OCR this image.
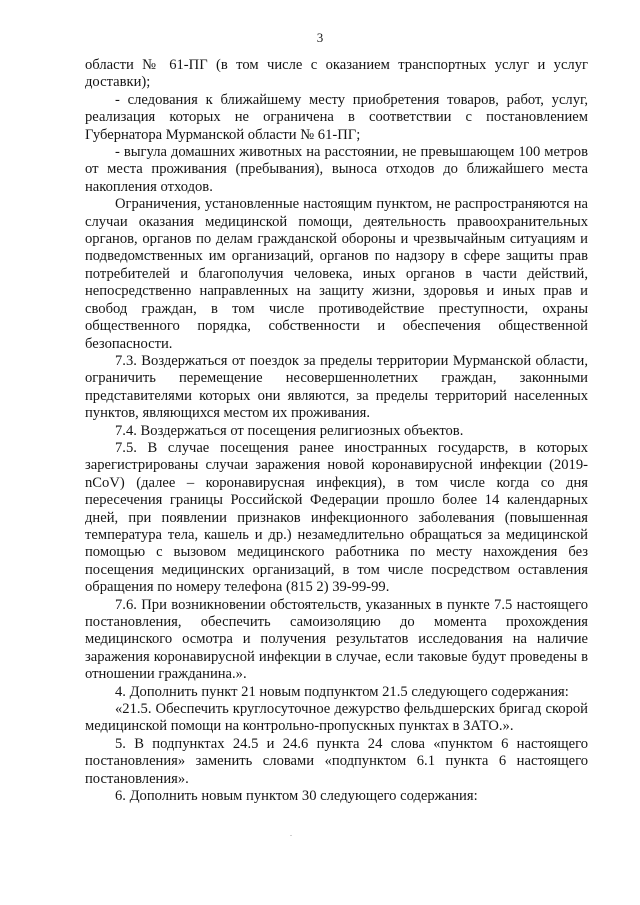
3

области № 61-ПГ (в том числе с оказанием транспортных услуг и услуг доставки);

- следования к ближайшему месту приобретения товаров, работ, услуг, реализация которых не ограничена в соответствии с постановлением Губернатора Мурманской области № 61-ПГ;

- выгула домашних животных на расстоянии, не превышающем 100 метров от места проживания (пребывания), выноса отходов до ближайшего места накопления отходов.

Ограничения, установленные настоящим пунктом, не распространяются на случаи оказания медицинской помощи, деятельность правоохранительных органов, органов по делам гражданской обороны и чрезвычайным ситуациям и подведомственных им организаций, органов по надзору в сфере защиты прав потребителей и благополучия человека, иных органов в части действий, непосредственно направленных на защиту жизни, здоровья и иных прав и свобод граждан, в том числе противодействие преступности, охраны общественного порядка, собственности и обеспечения общественной безопасности.

7.3. Воздержаться от поездок за пределы территории Мурманской области, ограничить перемещение несовершеннолетних граждан, законными представителями которых они являются, за пределы территорий населенных пунктов, являющихся местом их проживания.

7.4. Воздержаться от посещения религиозных объектов.

7.5. В случае посещения ранее иностранных государств, в которых зарегистрированы случаи заражения новой коронавирусной инфекции (2019-nCoV) (далее – коронавирусная инфекция), в том числе когда со дня пересечения границы Российской Федерации прошло более 14 календарных дней, при появлении признаков инфекционного заболевания (повышенная температура тела, кашель и др.) незамедлительно обращаться за медицинской помощью с вызовом медицинского работника по месту нахождения без посещения медицинских организаций, в том числе посредством оставления обращения по номеру телефона (815 2) 39-99-99.

7.6. При возникновении обстоятельств, указанных в пункте 7.5 настоящего постановления, обеспечить самоизоляцию до момента прохождения медицинского осмотра и получения результатов исследования на наличие заражения коронавирусной инфекции в случае, если таковые будут проведены в отношении гражданина.».

4. Дополнить пункт 21 новым подпунктом 21.5 следующего содержания:

«21.5. Обеспечить круглосуточное дежурство фельдшерских бригад скорой медицинской помощи на контрольно-пропускных пунктах в ЗАТО.».

5. В подпунктах 24.5 и 24.6 пункта 24 слова «пунктом 6 настоящего постановления» заменить словами «подпунктом 6.1 пункта 6 настоящего постановления».

6. Дополнить новым пунктом 30 следующего содержания:
